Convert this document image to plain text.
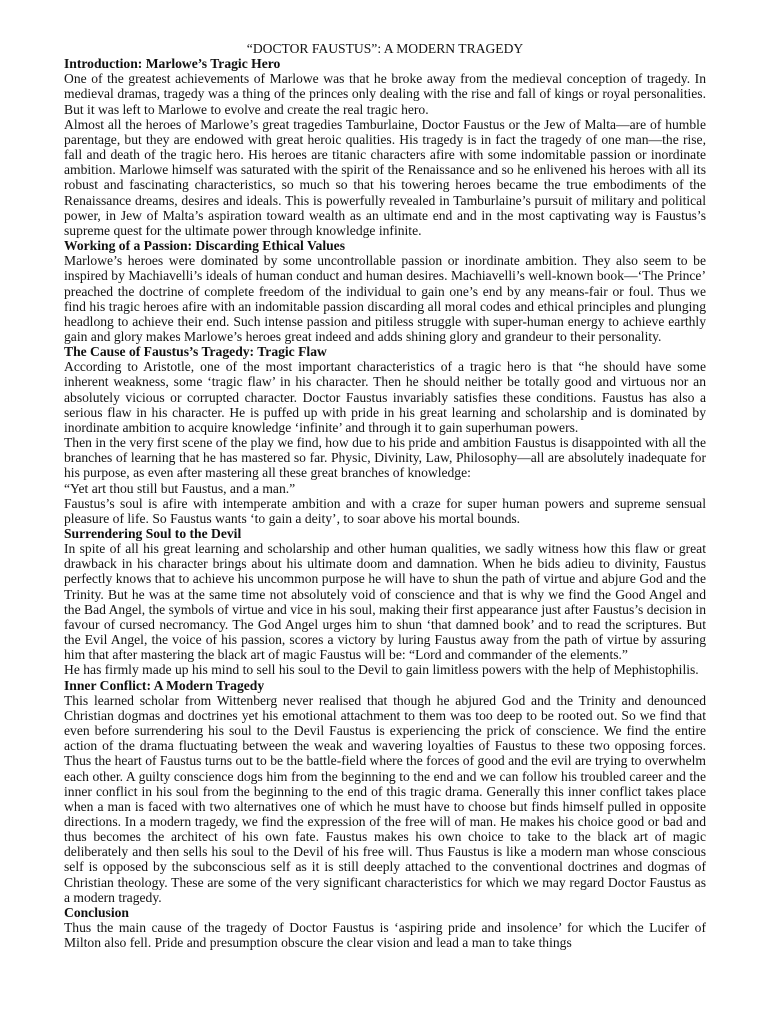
“DOCTOR FAUSTUS”: A MODERN TRAGEDY

Introduction: Marlowe’s Tragic Hero

One of the greatest achievements of Marlowe was that he broke away from the medieval conception of tragedy. In medieval dramas, tragedy was a thing of the princes only dealing with the rise and fall of kings or royal personalities. But it was left to Marlowe to evolve and create the real tragic hero.

Almost all the heroes of Marlowe’s great tragedies Tamburlaine, Doctor Faustus or the Jew of Malta—are of humble parentage, but they are endowed with great heroic qualities. His tragedy is in fact the tragedy of one man—the rise, fall and death of the tragic hero. His heroes are titanic characters afire with some indomitable passion or inordinate ambition. Marlowe himself was saturated with the spirit of the Renaissance and so he enlivened his heroes with all its robust and fascinating characteristics, so much so that his towering heroes became the true embodiments of the Renaissance dreams, desires and ideals. This is powerfully revealed in Tamburlaine’s pursuit of military and political power, in Jew of Malta’s aspiration toward wealth as an ultimate end and in the most captivating way is Faustus’s supreme quest for the ultimate power through knowledge infinite.

Working of a Passion: Discarding Ethical Values

Marlowe’s heroes were dominated by some uncontrollable passion or inordinate ambition. They also seem to be inspired by Machiavelli’s ideals of human conduct and human desires. Machiavelli’s well-known book—‘The Prince’ preached the doctrine of complete freedom of the individual to gain one’s end by any means-fair or foul. Thus we find his tragic heroes afire with an indomitable passion discarding all moral codes and ethical principles and plunging headlong to achieve their end. Such intense passion and pitiless struggle with super-human energy to achieve earthly gain and glory makes Marlowe’s heroes great indeed and adds shining glory and grandeur to their personality.

The Cause of Faustus’s Tragedy: Tragic Flaw

According to Aristotle, one of the most important characteristics of a tragic hero is that “he should have some inherent weakness, some ‘tragic flaw’ in his character. Then he should neither be totally good and virtuous nor an absolutely vicious or corrupted character. Doctor Faustus invariably satisfies these conditions. Faustus has also a serious flaw in his character. He is puffed up with pride in his great learning and scholarship and is dominated by inordinate ambition to acquire knowledge ‘infinite’ and through it to gain superhuman powers.

Then in the very first scene of the play we find, how due to his pride and ambition Faustus is disappointed with all the branches of learning that he has mastered so far. Physic, Divinity, Law, Philosophy—all are absolutely inadequate for his purpose, as even after mastering all these great branches of knowledge:

“Yet art thou still but Faustus, and a man.”

Faustus’s soul is afire with intemperate ambition and with a craze for super human powers and supreme sensual pleasure of life. So Faustus wants ‘to gain a deity’, to soar above his mortal bounds.

Surrendering Soul to the Devil

In spite of all his great learning and scholarship and other human qualities, we sadly witness how this flaw or great drawback in his character brings about his ultimate doom and damnation. When he bids adieu to divinity, Faustus perfectly knows that to achieve his uncommon purpose he will have to shun the path of virtue and abjure God and the Trinity. But he was at the same time not absolutely void of conscience and that is why we find the Good Angel and the Bad Angel, the symbols of virtue and vice in his soul, making their first appearance just after Faustus’s decision in favour of cursed necromancy. The God Angel urges him to shun ‘that damned book’ and to read the scriptures. But the Evil Angel, the voice of his passion, scores a victory by luring Faustus away from the path of virtue by assuring him that after mastering the black art of magic Faustus will be: “Lord and commander of the elements.”

He has firmly made up his mind to sell his soul to the Devil to gain limitless powers with the help of Mephistophilis.

Inner Conflict: A Modern Tragedy

This learned scholar from Wittenberg never realised that though he abjured God and the Trinity and denounced Christian dogmas and doctrines yet his emotional attachment to them was too deep to be rooted out. So we find that even before surrendering his soul to the Devil Faustus is experiencing the prick of conscience. We find the entire action of the drama fluctuating between the weak and wavering loyalties of Faustus to these two opposing forces. Thus the heart of Faustus turns out to be the battle-field where the forces of good and the evil are trying to overwhelm each other. A guilty conscience dogs him from the beginning to the end and we can follow his troubled career and the inner conflict in his soul from the beginning to the end of this tragic drama. Generally this inner conflict takes place when a man is faced with two alternatives one of which he must have to choose but finds himself pulled in opposite directions. In a modern tragedy, we find the expression of the free will of man. He makes his choice good or bad and thus becomes the architect of his own fate. Faustus makes his own choice to take to the black art of magic deliberately and then sells his soul to the Devil of his free will. Thus Faustus is like a modern man whose conscious self is opposed by the subconscious self as it is still deeply attached to the conventional doctrines and dogmas of Christian theology. These are some of the very significant characteristics for which we may regard Doctor Faustus as a modern tragedy.

Conclusion

Thus the main cause of the tragedy of Doctor Faustus is ‘aspiring pride and insolence’ for which the Lucifer of Milton also fell. Pride and presumption obscure the clear vision and lead a man to take things
